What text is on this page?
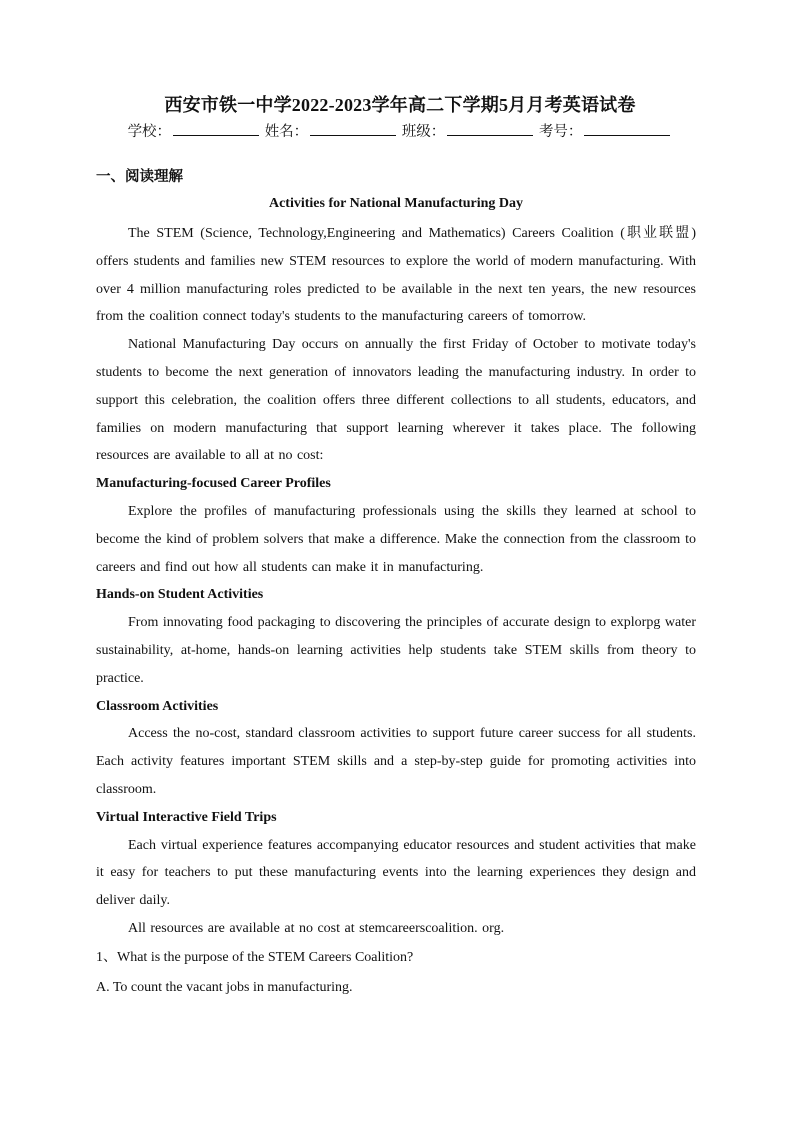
西安市铁一中学2022-2023学年高二下学期5月月考英语试卷
学校：	姓名：	班级：	考号：
一、阅读理解
Activities for National Manufacturing Day

The STEM (Science, Technology,Engineering and Mathematics) Careers Coalition (职业联盟) offers students and families new STEM resources to explore the world of modern manufacturing. With over 4 million manufacturing roles predicted to be available in the next ten years, the new resources from the coalition connect today's students to the manufacturing careers of tomorrow.

National Manufacturing Day occurs on annually the first Friday of October to motivate today's students to become the next generation of innovators leading the manufacturing industry. In order to support this celebration, the coalition offers three different collections to all students, educators, and families on modern manufacturing that support learning wherever it takes place. The following resources are available to all at no cost:

Manufacturing-focused Career Profiles

Explore the profiles of manufacturing professionals using the skills they learned at school to become the kind of problem solvers that make a difference. Make the connection from the classroom to careers and find out how all students can make it in manufacturing.

Hands-on Student Activities

From innovating food packaging to discovering the principles of accurate design to explorpg water sustainability, at-home, hands-on learning activities help students take STEM skills from theory to practice.

Classroom Activities

Access the no-cost, standard classroom activities to support future career success for all students. Each activity features important STEM skills and a step-by-step guide for promoting activities into classroom.

Virtual Interactive Field Trips

Each virtual experience features accompanying educator resources and student activities that make it easy for teachers to put these manufacturing events into the learning experiences they design and deliver daily.

All resources are available at no cost at stemcareerscoalition. org.

1、What is the purpose of the STEM Careers Coalition?

A. To count the vacant jobs in manufacturing.
